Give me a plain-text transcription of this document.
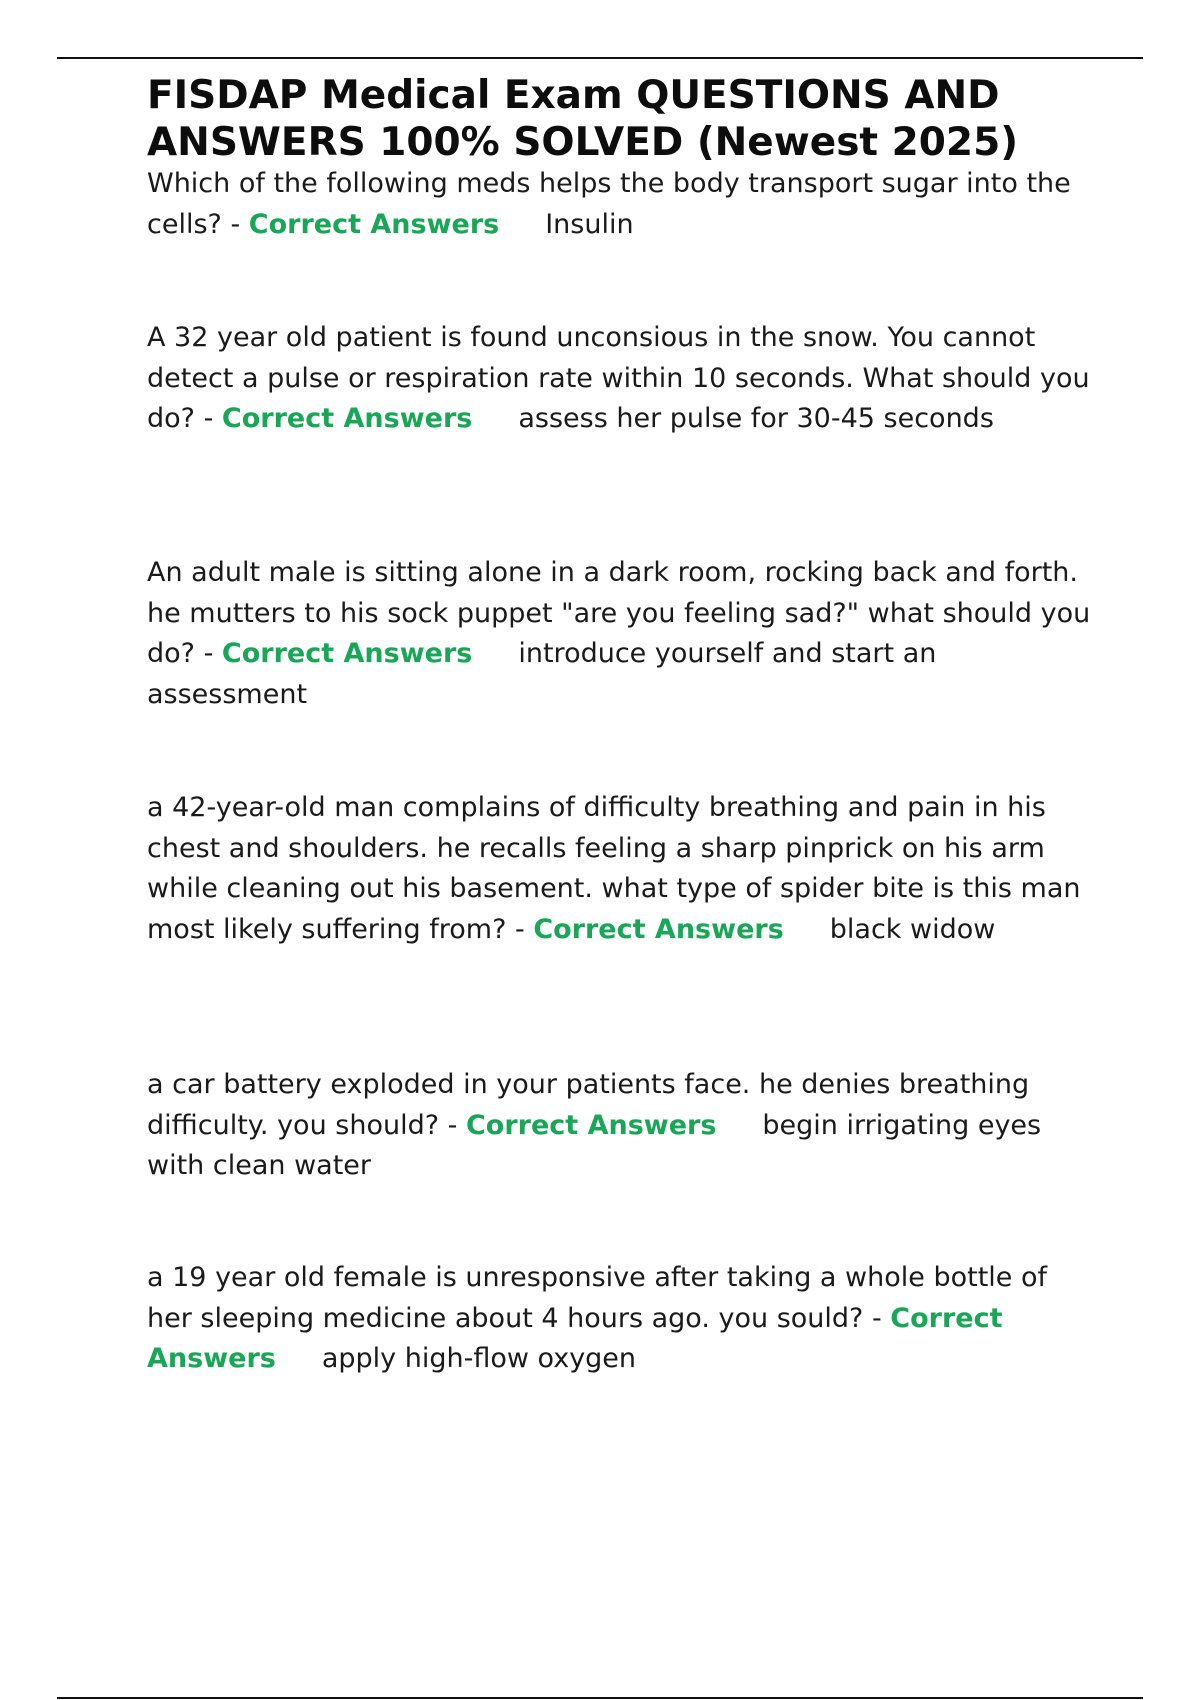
FISDAP Medical Exam QUESTIONS AND ANSWERS 100% SOLVED (Newest 2025)
Which of the following meds helps the body transport sugar into the cells? - Correct Answers Insulin
A 32 year old patient is found unconsious in the snow. You cannot detect a pulse or respiration rate within 10 seconds. What should you do? - Correct Answers assess her pulse for 30-45 seconds
An adult male is sitting alone in a dark room, rocking back and forth. he mutters to his sock puppet "are you feeling sad?" what should you do? - Correct Answers introduce yourself and start an assessment
a 42-year-old man complains of difficulty breathing and pain in his chest and shoulders. he recalls feeling a sharp pinprick on his arm while cleaning out his basement. what type of spider bite is this man most likely suffering from? - Correct Answers black widow
a car battery exploded in your patients face. he denies breathing difficulty. you should? - Correct Answers begin irrigating eyes with clean water
a 19 year old female is unresponsive after taking a whole bottle of her sleeping medicine about 4 hours ago. you sould? - Correct Answers apply high-flow oxygen
